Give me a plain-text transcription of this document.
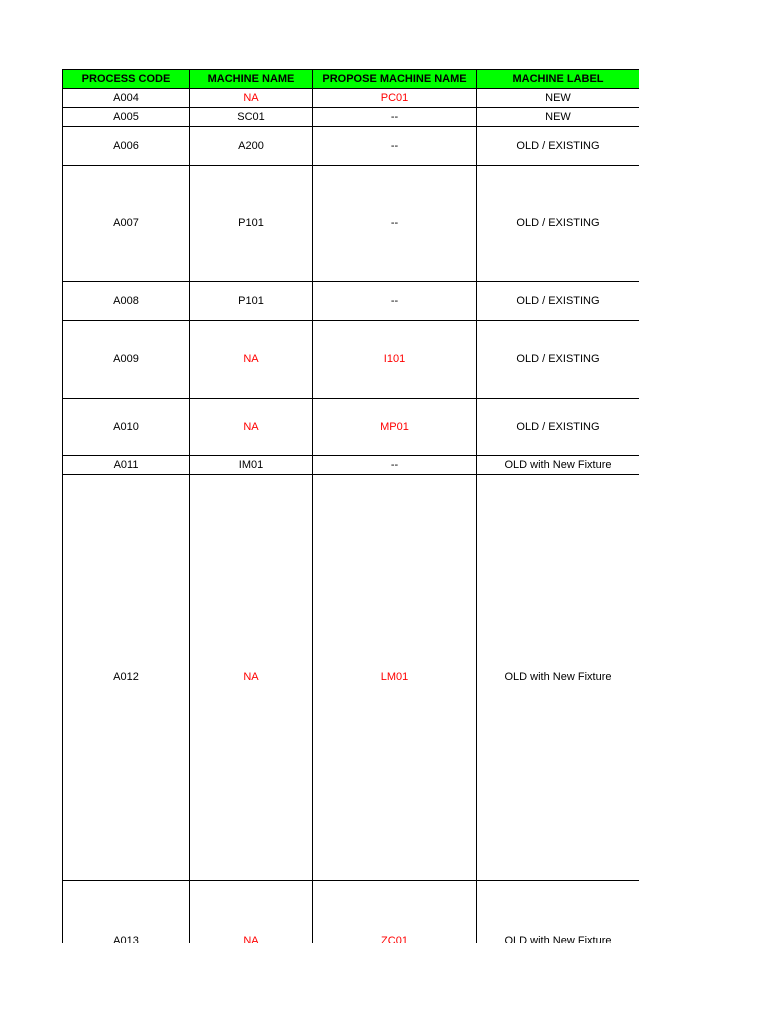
PROCESS CODE	MACHINE NAME	PROPOSE MACHINE NAME	MACHINE LABEL
A004	NA	PC01	NEW
A005	SC01	--	NEW
A006	A200	--	OLD / EXISTING
A007	P101	--	OLD / EXISTING
A008	P101	--	OLD / EXISTING
A009	NA	I101	OLD / EXISTING
A010	NA	MP01	OLD / EXISTING
A011	IM01	--	OLD with New Fixture
A012	NA	LM01	OLD with New Fixture
A013	NA	ZC01	OLD with New Fixture
